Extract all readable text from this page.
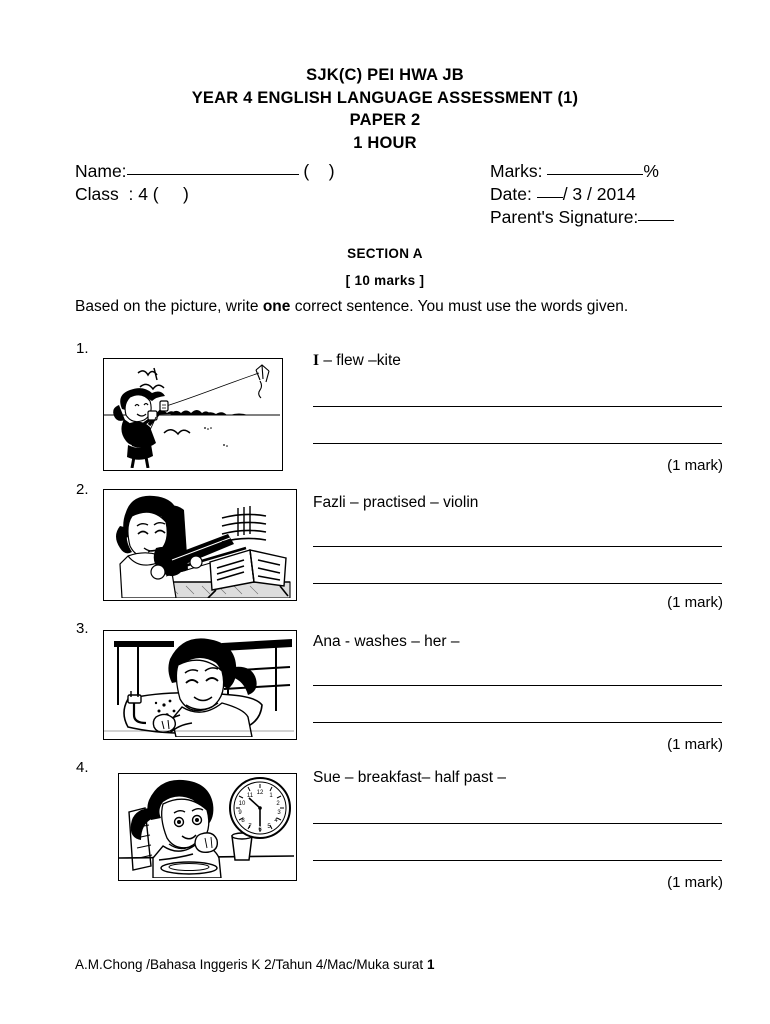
SJK(C) PEI HWA JB
YEAR 4 ENGLISH LANGUAGE ASSESSMENT (1)
PAPER 2
1 HOUR
Name:	(    )	Marks:	%
Class  : 4 (     )	Date: / 3 / 2014
Parent's Signature:
SECTION A
[ 10 marks ]
Based on the picture, write one correct sentence. You must use the words given.
1.
I – flew –kite
(1 mark)
2.
Fazli – practised – violin
(1 mark)
3.
Ana - washes – her –
(1 mark)
4.
12 1
2
3
4
5
6
7
8
9
10
11
Sue – breakfast– half past –
(1 mark)
A.M.Chong /Bahasa Inggeris K 2/Tahun 4/Mac/Muka surat 1
